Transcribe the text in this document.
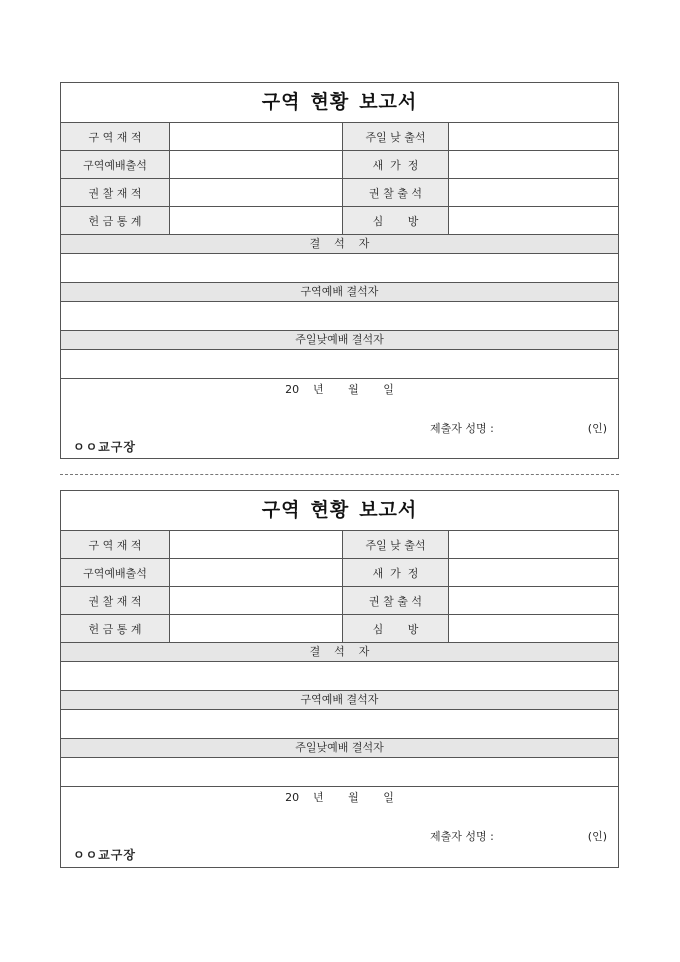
구역 현황 보고서
구 역 재 적	주일 낮 출석
구역예배출석	새  가  정
권 찰 재 적	권 찰 출 석
헌 금 통 계	심       방
결    석    자
구역예배 결석자
주일낮예배 결석자
20    년       월       일
제출자 성명 :	(인)
ㅇㅇ교구장
구역 현황 보고서
구 역 재 적	주일 낮 출석
구역예배출석	새  가  정
권 찰 재 적	권 찰 출 석
헌 금 통 계	심       방
결    석    자
구역예배 결석자
주일낮예배 결석자
20    년       월       일
제출자 성명 :	(인)
ㅇㅇ교구장
